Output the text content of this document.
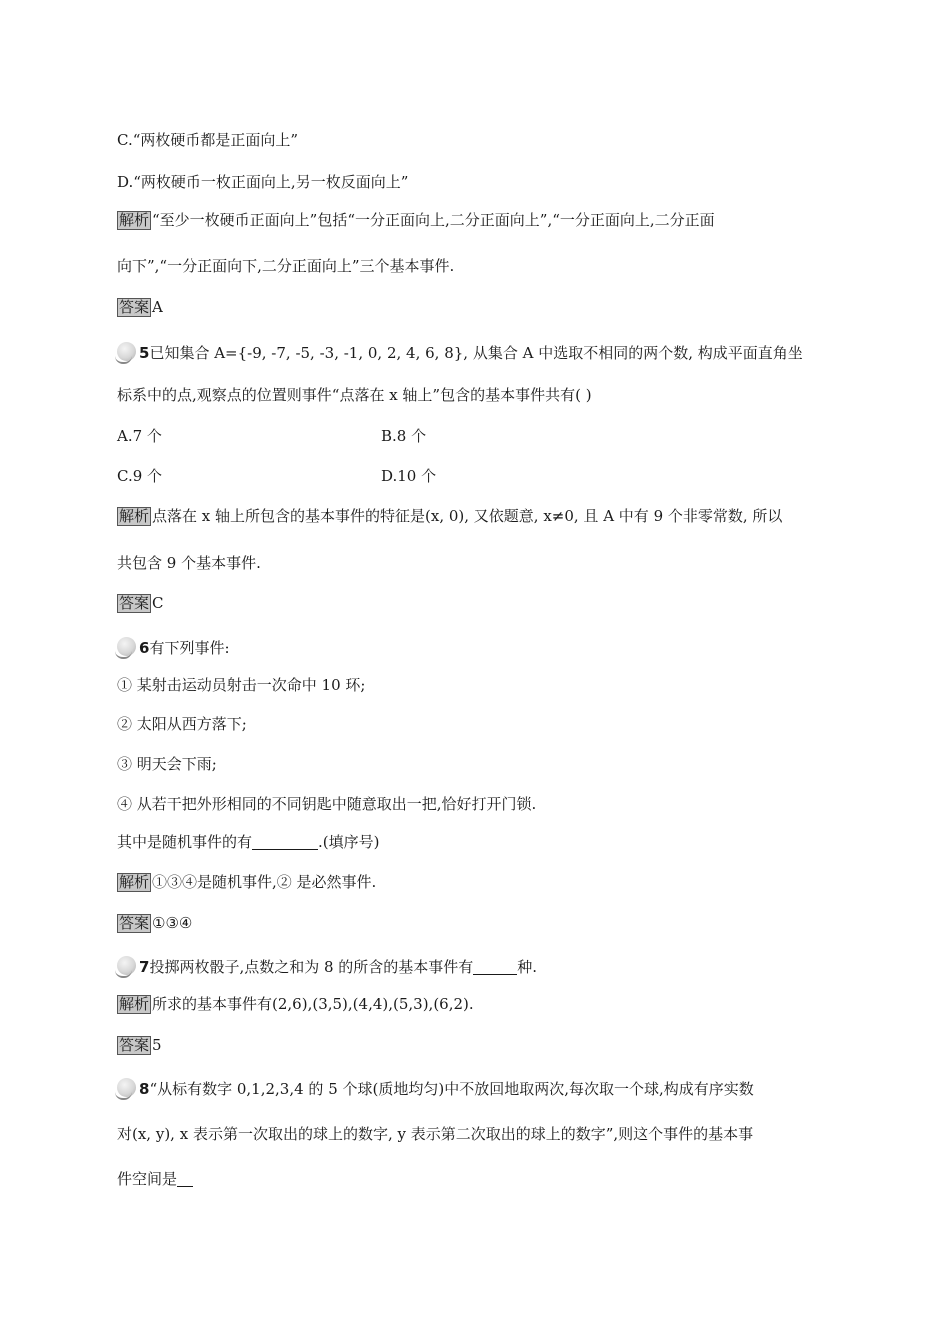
C.“两枚硬币都是正面向上”
D.“两枚硬币一枚正面向上,另一枚反面向上”
解析 “至少一枚硬币正面向上”包括“一分正面向上,二分正面向上”,“一分正面向上,二分正面
向下”,“一分正面向下,二分正面向上”三个基本事件.
答案 A
5已知集合 A={-9, -7, -5, -3, -1, 0, 2, 4, 6, 8}, 从集合 A 中选取不相同的两个数, 构成平面直角坐
标系中的点,观察点的位置则事件“点落在 x 轴上”包含的基本事件共有( )
A.7 个	B.8 个
C.9 个	D.10 个
解析 点落在 x 轴上所包含的基本事件的特征是(x, 0), 又依题意, x≠0, 且 A 中有 9 个非零常数, 所以
共包含 9 个基本事件.
答案 C
6有下列事件:
① 某射击运动员射击一次命中 10 环;
② 太阳从西方落下;
③ 明天会下雨;
④ 从若干把外形相同的不同钥匙中随意取出一把,恰好打开门锁.
其中是随机事件的有	.(填序号)
解析 ①③④是随机事件,② 是必然事件.
答案 ①③④
7投掷两枚骰子,点数之和为 8 的所含的基本事件有	种.
解析 所求的基本事件有(2,6),(3,5),(4,4),(5,3),(6,2).
答案 5
8“从标有数字 0,1,2,3,4 的 5 个球(质地均匀)中不放回地取两次,每次取一个球,构成有序实数
对(x, y), x 表示第一次取出的球上的数字, y 表示第二次取出的球上的数字”,则这个事件的基本事
件空间是
